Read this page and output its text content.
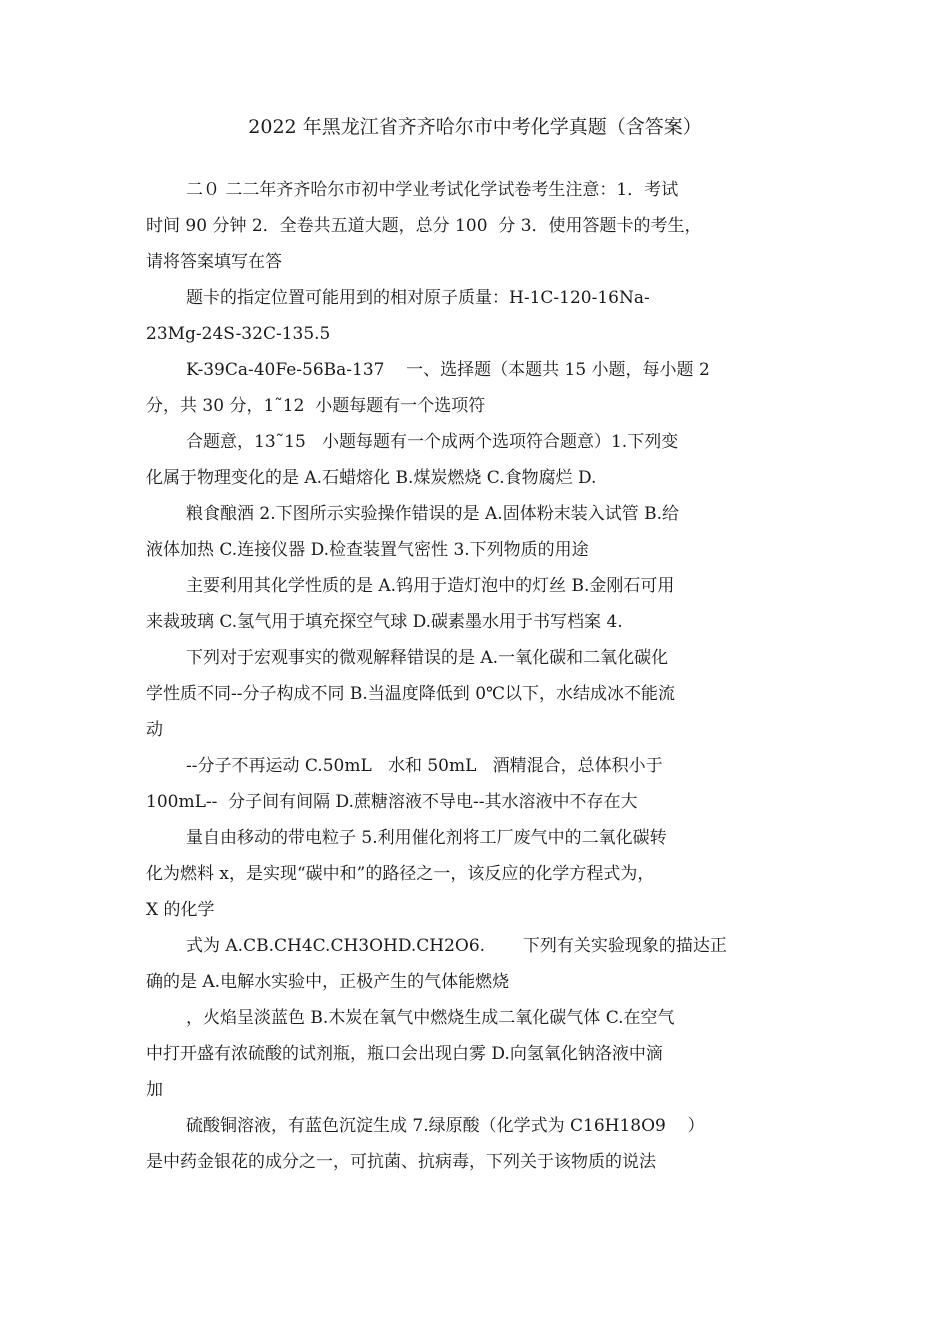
2022 年黑龙江省齐齐哈尔市中考化学真题（含答案）

二０ 二二年齐齐哈尔市初中学业考试化学试卷考生注意：1．考试
时间 90 分钟 2．全卷共五道大题，总分 100  分 3．使用答题卡的考生，
请将答案填写在答

题卡的指定位置可能用到的相对原子质量：H-1C-120-16Na-
23Mg-24S-32C-135.5

K-39Ca-40Fe-56Ba-137    一、选择题（本题共 15 小题，每小题 2
分，共 30 分，1˜12  小题每题有一个选项符

合题意，13˜15   小题每题有一个成两个选项符合题意）1.下列变
化属于物理变化的是 A.石蜡熔化 B.煤炭燃烧 C.食物腐烂 D.

粮食酿酒 2.下图所示实验操作错误的是 A.固体粉末装入试管 B.给
液体加热 C.连接仪器 D.检查装置气密性 3.下列物质的用途

主要利用其化学性质的是 A.钨用于造灯泡中的灯丝 B.金刚石可用
来裁玻璃 C.氢气用于填充探空气球 D.碳素墨水用于书写档案 4.

下列对于宏观事实的微观解释错误的是 A.一氧化碳和二氧化碳化
学性质不同--分子构成不同 B.当温度降低到 0℃以下，水结成冰不能流
动

--分子不再运动 C.50mL   水和 50mL   酒精混合，总体积小于
100mL--  分子间有间隔 D.蔗糖溶液不导电--其水溶液中不存在大

量自由移动的带电粒子 5.利用催化剂将工厂废气中的二氧化碳转
化为燃料 x，是实现“碳中和”的路径之一，该反应的化学方程式为，
X 的化学

式为 A.CB.CH4C.CH3OHD.CH2O6.       下列有关实验现象的描达正
确的是 A.电解水实验中，正极产生的气体能燃烧

，火焰呈淡蓝色 B.木炭在氧气中燃烧生成二氧化碳气体 C.在空气
中打开盛有浓硫酸的试剂瓶，瓶口会出现白雾 D.向氢氧化钠洛液中滴
加

硫酸铜溶液，有蓝色沉淀生成 7.绿原酸（化学式为 C16H18O9    ）
是中药金银花的成分之一，可抗菌、抗病毒，下列关于该物质的说法
